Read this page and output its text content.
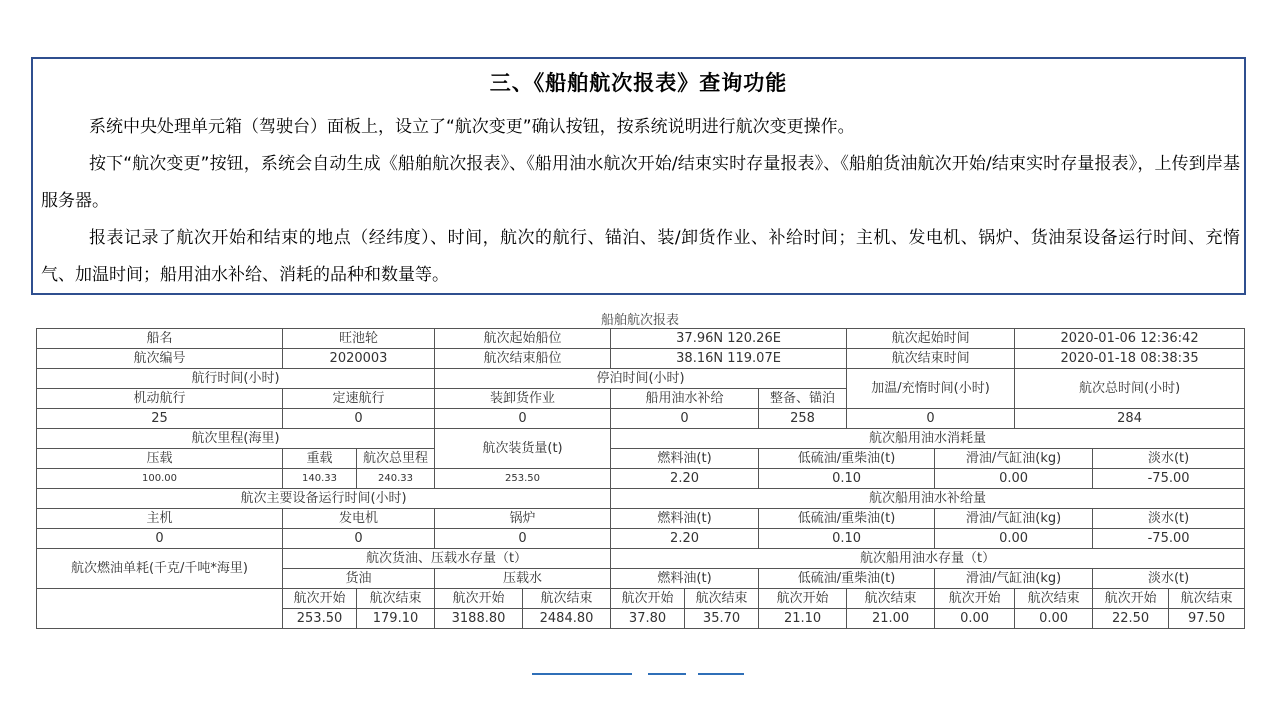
三、《船舶航次报表》查询功能
系统中央处理单元箱（驾驶台）面板上，设立了“航次变更”确认按钮，按系统说明进行航次变更操作。
按下“航次变更”按钮，系统会自动生成《船舶航次报表》、《船用油水航次开始/结束实时存量报表》、《船舶货油航次开始/结束实时存量报表》，上传到岸基服务器。
报表记录了航次开始和结束的地点（经纬度）、时间，航次的航行、锚泊、装/卸货作业、补给时间；主机、发电机、锅炉、货油泵设备运行时间、充惰气、加温时间；船用油水补给、消耗的品种和数量等。
船舶航次报表
船名	旺池轮		航次起始船位		37.96N 120.26E			航次起始时间		2020-01-06 12:36:42		
航次编号	2020003		航次结束船位		38.16N 119.07E			航次结束时间		2020-01-18 08:38:35		
航行时间(小时)			停泊时间(小时)					加温/充惰时间(小时)		航次总时间(小时)		
机动航行	定速航行		装卸货作业		船用油水补给		整备、锚泊					
25	0		0		0		258	0		284		
航次里程(海里)			航次装货量(t)		航次船用油水消耗量							
压载	重载	航次总里程			燃料油(t)		低硫油/重柴油(t)		滑油/气缸油(kg)		淡水(t)	
100.00	140.33	240.33	253.50		2.20		0.10		0.00		-75.00	
航次主要设备运行时间(小时)					航次船用油水补给量							
主机	发电机		锅炉		燃料油(t)		低硫油/重柴油(t)		滑油/气缸油(kg)		淡水(t)	
0	0		0		2.20		0.10		0.00		-75.00	
航次燃油单耗(千克/千吨*海里)	航次货油、压载水存量（t）				航次船用油水存量（t）							
	货油		压载水		燃料油(t)		低硫油/重柴油(t)		滑油/气缸油(kg)		淡水(t)	
	航次开始	航次结束	航次开始	航次结束	航次开始	航次结束	航次开始	航次结束	航次开始	航次结束	航次开始	航次结束
	253.50	179.10	3188.80	2484.80	37.80	35.70	21.10	21.00	0.00	0.00	22.50	97.50
